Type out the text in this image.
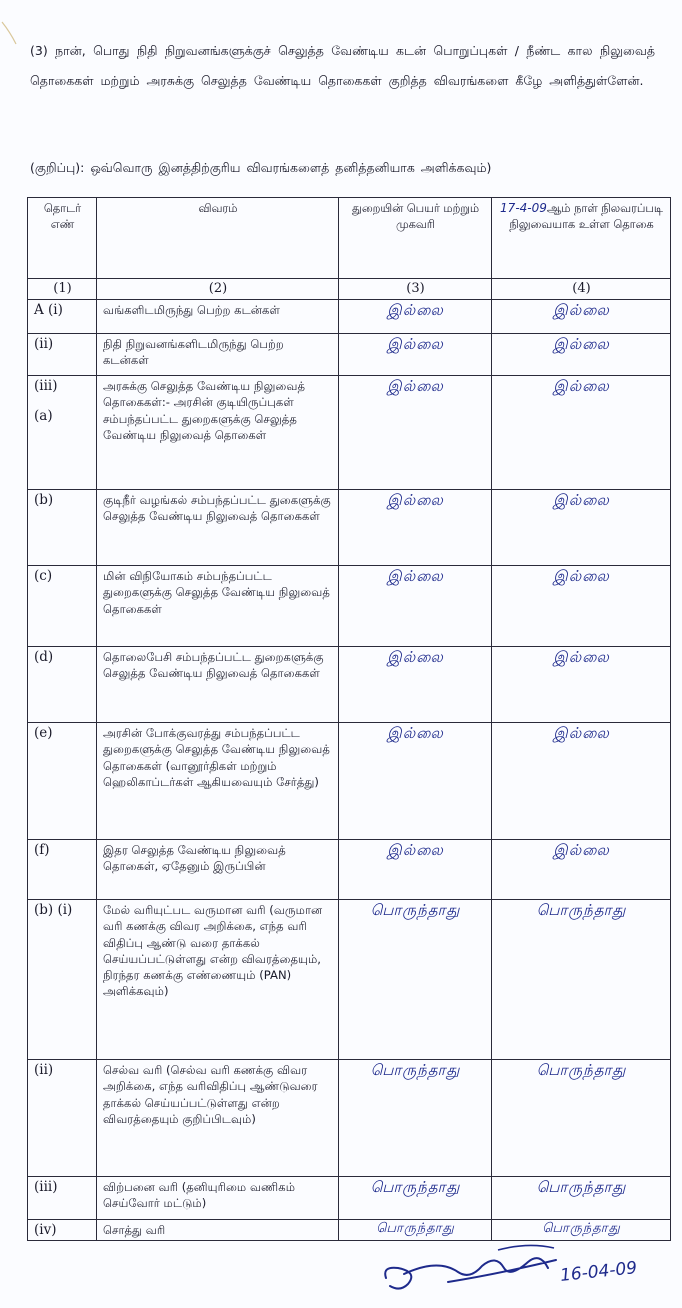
(3) நான், பொது நிதி நிறுவனங்களுக்குச் செலுத்த வேண்டிய கடன் பொறுப்புகள் / நீண்ட கால நிலுவைத் தொகைகள் மற்றும் அரசுக்கு செலுத்த வேண்டிய தொகைகள் குறித்த விவரங்களை கீழே அளித்துள்ளேன்.
(குறிப்பு): ஒவ்வொரு இனத்திற்குரிய விவரங்களைத் தனித்தனியாக அளிக்கவும்)
தொடர் எண்	விவரம்	துறையின் பெயர் மற்றும் முகவரி	17-4-09ஆம் நாள் நிலவரப்படி நிலுவையாக உள்ள தொகை
(1)	(2)	(3)	(4)
A (i)	வங்களிடமிருந்து பெற்ற கடன்கள்	இல்லை	இல்லை
(ii)	நிதி நிறுவனங்களிடமிருந்து பெற்ற கடன்கள்	இல்லை	இல்லை
(iii)
(a)	அரசுக்கு செலுத்த வேண்டிய நிலுவைத் தொகைகள்:- அரசின் குடியிருப்புகள் சம்பந்தப்பட்ட துறைகளுக்கு செலுத்த வேண்டிய நிலுவைத் தொகைள்	இல்லை	இல்லை
(b)	குடிநீர் வழங்கல் சம்பந்தப்பட்ட துகைளுக்கு செலுத்த வேண்டிய நிலுவைத் தொகைகள்	இல்லை	இல்லை
(c)	மின் விநியோகம் சம்பந்தப்பட்ட துறைகளுக்கு செலுத்த வேண்டிய நிலுவைத் தொகைகள்	இல்லை	இல்லை
(d)	தொலைபேசி சம்பந்தப்பட்ட துறைகளுக்கு செலுத்த வேண்டிய நிலுவைத் தொகைகள்	இல்லை	இல்லை
(e)	அரசின் போக்குவரத்து சம்பந்தப்பட்ட துறைகளுக்கு செலுத்த வேண்டிய நிலுவைத் தொகைகள் (வானூர்திகள் மற்றும் ஹெலிகாப்டர்கள் ஆகியவையும் சேர்த்து)	இல்லை	இல்லை
(f)	இதர செலுத்த வேண்டிய நிலுவைத் தொகைள், ஏதேனும் இருப்பின்	இல்லை	இல்லை
(b) (i)	மேல் வரியுட்பட வருமான வரி (வருமான வரி கணக்கு விவர அறிக்கை, எந்த வரி விதிப்பு ஆண்டு வரை தாக்கல் செய்யப்பட்டுள்ளது என்ற விவரத்தையும், நிரந்தர கணக்கு எண்ணையும் (PAN) அளிக்கவும்)	பொருந்தாது	பொருந்தாது
(ii)	செல்வ வரி (செல்வ வரி கணக்கு விவர அறிக்கை, எந்த வரிவிதிப்பு ஆண்டுவரை தாக்கல் செய்யப்பட்டுள்ளது என்ற விவரத்தையும் குறிப்பிடவும்)	பொருந்தாது	பொருந்தாது
(iii)	விற்பனை வரி (தனியுரிமை வணிகம் செய்வோர் மட்டும்)	பொருந்தாது	பொருந்தாது
(iv)	சொத்து வரி	பொருந்தாது	பொருந்தாது
16-04-09
